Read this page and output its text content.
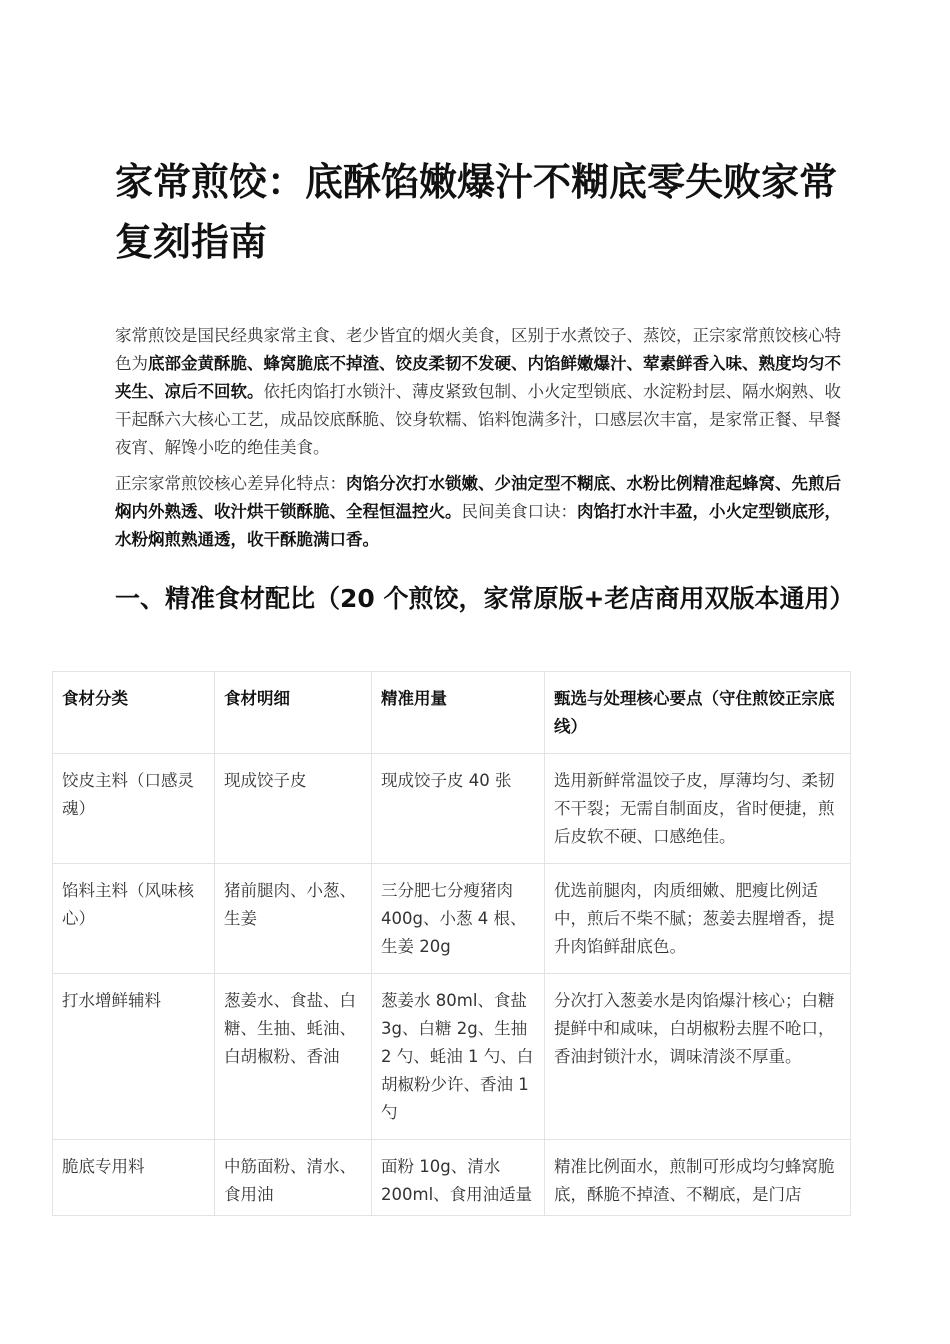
家常煎饺：底酥馅嫩爆汁不糊底零失败家常复刻指南

家常煎饺是国民经典家常主食、老少皆宜的烟火美食，区别于水煮饺子、蒸饺，正宗家常煎饺核心特色为底部金黄酥脆、蜂窝脆底不掉渣、饺皮柔韧不发硬、内馅鲜嫩爆汁、荤素鲜香入味、熟度均匀不夹生、凉后不回软。依托肉馅打水锁汁、薄皮紧致包制、小火定型锁底、水淀粉封层、隔水焖熟、收干起酥六大核心工艺，成品饺底酥脆、饺身软糯、馅料饱满多汁，口感层次丰富，是家常正餐、早餐夜宵、解馋小吃的绝佳美食。

正宗家常煎饺核心差异化特点：肉馅分次打水锁嫩、少油定型不糊底、水粉比例精准起蜂窝、先煎后焖内外熟透、收汁烘干锁酥脆、全程恒温控火。民间美食口诀：肉馅打水汁丰盈，小火定型锁底形，水粉焖煎熟通透，收干酥脆满口香。

一、精准食材配比（20 个煎饺，家常原版+老店商用双版本通用）
食材分类	食材明细	精准用量	甄选与处理核心要点（守住煎饺正宗底线）
饺皮主料（口感灵魂）	现成饺子皮	现成饺子皮 40 张	选用新鲜常温饺子皮，厚薄均匀、柔韧不干裂；无需自制面皮，省时便捷，煎后皮软不硬、口感绝佳。
馅料主料（风味核心）	猪前腿肉、小葱、生姜	三分肥七分瘦猪肉 400g、小葱 4 根、生姜 20g	优选前腿肉，肉质细嫩、肥瘦比例适中，煎后不柴不腻；葱姜去腥增香，提升肉馅鲜甜底色。
打水增鲜辅料	葱姜水、食盐、白糖、生抽、蚝油、白胡椒粉、香油	葱姜水 80ml、食盐 3g、白糖 2g、生抽 2 勺、蚝油 1 勺、白胡椒粉少许、香油 1 勺	分次打入葱姜水是肉馅爆汁核心；白糖提鲜中和咸味，白胡椒粉去腥不呛口，香油封锁汁水，调味清淡不厚重。
脆底专用料	中筋面粉、清水、食用油	面粉 10g、清水 200ml、食用油适量	精准比例面水，煎制可形成均匀蜂窝脆底，酥脆不掉渣、不糊底，是门店
